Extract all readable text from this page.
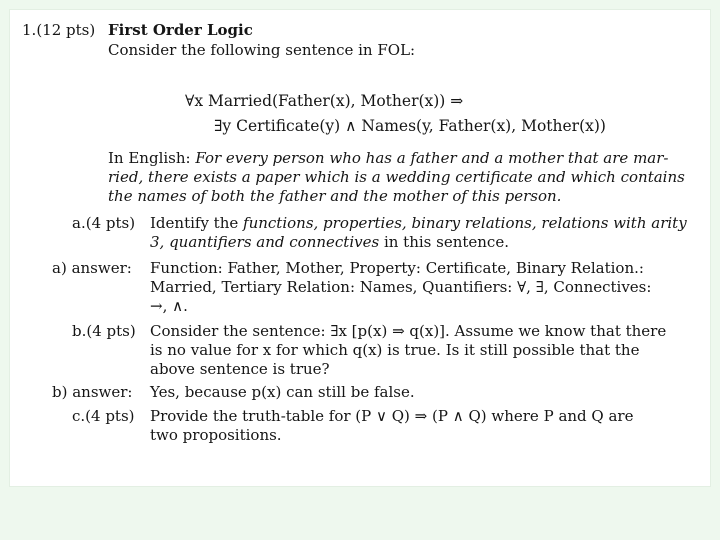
1.(12 pts) First Order Logic
Consider the following sentence in FOL:
∀x Married(Father(x), Mother(x)) ⇒
∃y Certificate(y) ∧ Names(y, Father(x), Mother(x))
In English: For every person who has a father and a mother that are mar-
ried, there exists a paper which is a wedding certificate and which contains
the names of both the father and the mother of this person.
a.(4 pts) Identify the functions, properties, binary relations, relations with arity
3, quantifiers and connectives in this sentence.
a) answer: Function: Father, Mother, Property: Certificate, Binary Relation.:
Married, Tertiary Relation: Names, Quantifiers: ∀, ∃, Connectives:
→, ∧.
b.(4 pts) Consider the sentence: ∃x [p(x) ⇒ q(x)]. Assume we know that there
is no value for x for which q(x) is true. Is it still possible that the
above sentence is true?
b) answer: Yes, because p(x) can still be false.
c.(4 pts) Provide the truth-table for (P ∨ Q) ⇒ (P ∧ Q) where P and Q are
two propositions.
